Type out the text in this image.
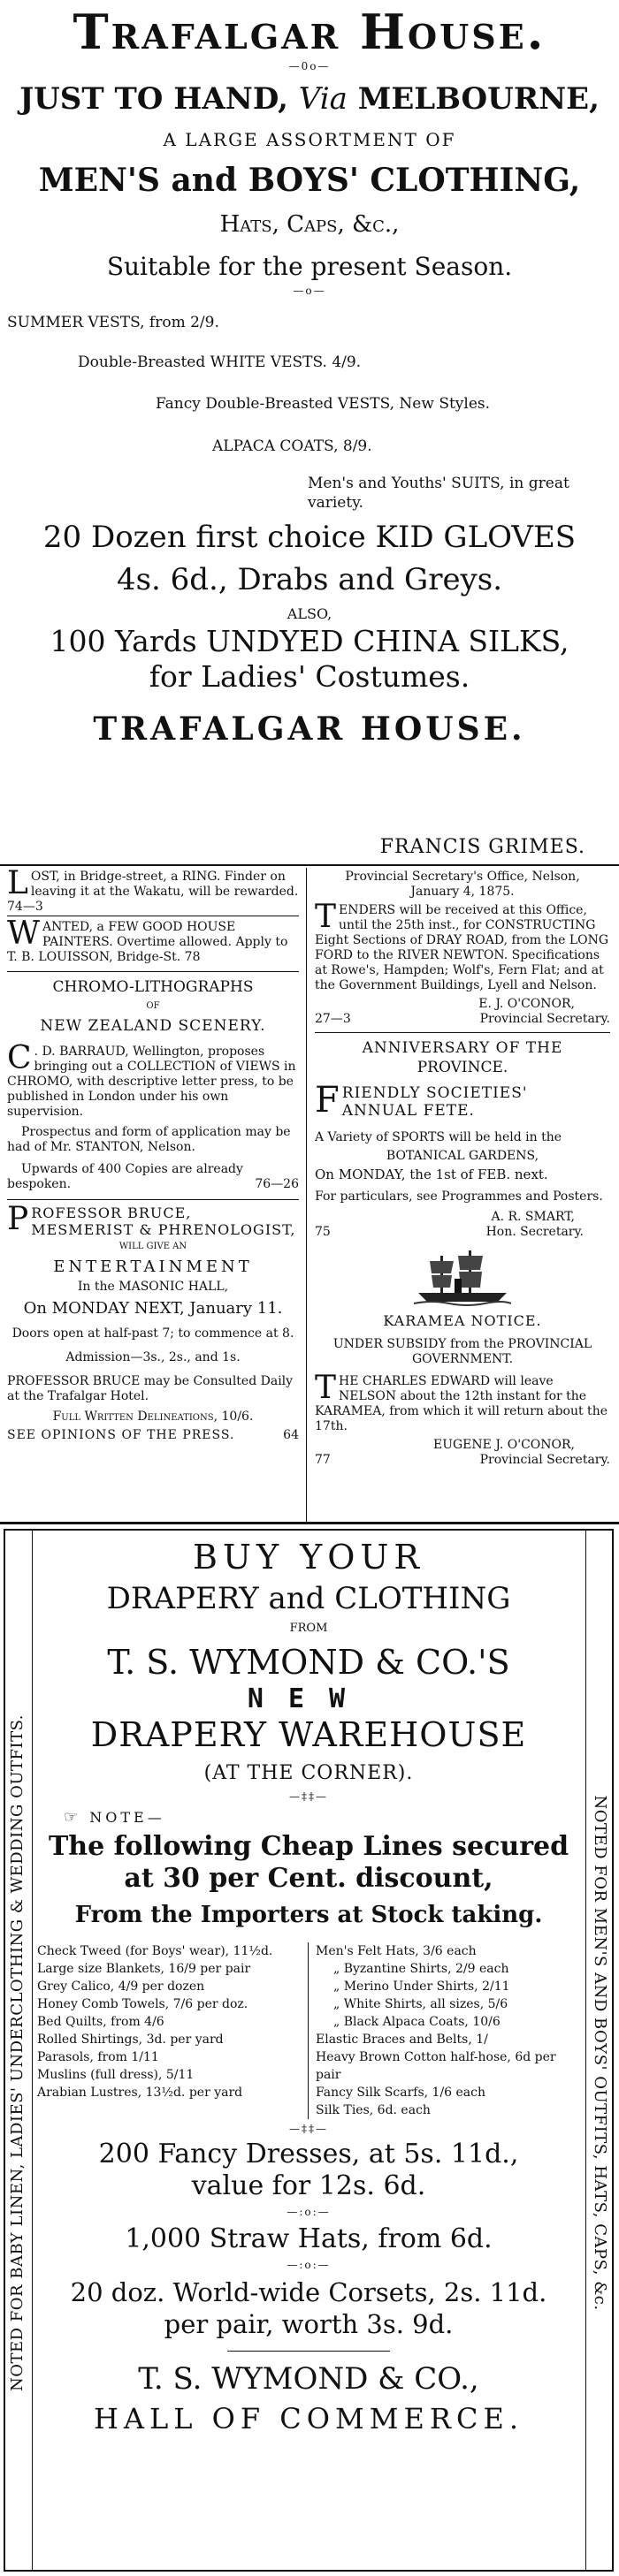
Trafalgar House.
—0o—
JUST TO HAND, Via MELBOURNE,
A LARGE ASSORTMENT OF
MEN'S and BOYS' CLOTHING,
Hats, Caps, &c.,
Suitable for the present Season.
—o—
SUMMER VESTS, from 2/9.
Double-Breasted WHITE VESTS. 4/9.
Fancy Double-Breasted VESTS, New Styles.
ALPACA COATS, 8/9.
Men's and Youths' SUITS, in great variety.
20 Dozen first choice KID GLOVES
4s. 6d., Drabs and Greys.
ALSO,
100 Yards UNDYED CHINA SILKS,
for Ladies' Costumes.
TRAFALGAR HOUSE.
FRANCIS GRIMES.

LOST, in Bridge-street, a RING. Finder on leaving it at the Wakatu, will be rewarded. 74—3

WANTED, a FEW GOOD HOUSE PAINTERS. Overtime allowed. Apply to T. B. LOUISSON, Bridge-St. 78

CHROMO-LITHOGRAPHS

OF

NEW ZEALAND SCENERY.

C . D. BARRAUD, Wellington, proposes bringing out a COLLECTION of VIEWS in CHROMO, with descriptive letter press, to be published in London under his own supervision.

Prospectus and form of application may be had of Mr. STANTON, Nelson.

Upwards of 400 Copies are already bespoken.	76—26

PROFESSOR BRUCE, MESMERIST & PHRENOLOGIST,

WILL GIVE AN

ENTERTAINMENT

In the MASONIC HALL,

On MONDAY NEXT, January 11.

Doors open at half-past 7; to commence at 8.

Admission—3s., 2s., and 1s.

PROFESSOR BRUCE may be Consulted Daily at the Trafalgar Hotel.

Full Written Delineations, 10/6.

SEE OPINIONS OF THE PRESS.	64

Provincial Secretary's Office, Nelson,

January 4, 1875.

TENDERS will be received at this Office, until the 25th inst., for CONSTRUCTING Eight Sections of DRAY ROAD, from the LONG FORD to the RIVER NEWTON. Specifications at Rowe's, Hampden; Wolf's, Fern Flat; and at the Government Buildings, Lyell and Nelson.

E. J. O'CONOR,

27—3	Provincial Secretary.

ANNIVERSARY OF THE

PROVINCE.

FRIENDLY SOCIETIES'
ANNUAL FETE.

A Variety of SPORTS will be held in the

BOTANICAL GARDENS,

On MONDAY, the 1st of FEB. next.

For particulars, see Programmes and Posters.

A. R. SMART,

75	Hon. Secretary.

KARAMEA NOTICE.

UNDER SUBSIDY from the PROVINCIAL GOVERNMENT.

THE CHARLES EDWARD will leave NELSON about the 12th instant for the KARAMEA, from which it will return about the 17th.

EUGENE J. O'CONOR,

77	Provincial Secretary.

NOTED FOR BABY LINEN, LADIES' UNDERCLOTHING & WEDDING OUTFITS.	NOTED FOR MEN'S AND BOYS' OUTFITS, HATS, CAPS, &c.
BUY YOUR
DRAPERY and CLOTHING
FROM
T. S. WYMOND & CO.'S
NEW
DRAPERY WAREHOUSE
(AT THE CORNER).
—‡‡—
☞ NOTE—
The following Cheap Lines secured
at 30 per Cent. discount,
From the Importers at Stock taking.
Check Tweed (for Boys' wear), 11½d.
Large size Blankets, 16/9 per pair
Grey Calico, 4/9 per dozen
Honey Comb Towels, 7/6 per doz.
Bed Quilts, from 4/6
Rolled Shirtings, 3d. per yard
Parasols, from 1/11
Muslins (full dress), 5/11
Arabian Lustres, 13½d. per yard
Men's Felt Hats, 3/6 each
„ Byzantine Shirts, 2/9 each
„ Merino Under Shirts, 2/11
„ White Shirts, all sizes, 5/6
„ Black Alpaca Coats, 10/6
Elastic Braces and Belts, 1/
Heavy Brown Cotton half-hose, 6d per pair
Fancy Silk Scarfs, 1/6 each
Silk Ties, 6d. each
—‡‡—
200 Fancy Dresses, at 5s. 11d.,
value for 12s. 6d.
—:o:—
1,000 Straw Hats, from 6d.
—:o:—
20 doz. World-wide Corsets, 2s. 11d.
per pair, worth 3s. 9d.
T. S. WYMOND & CO.,
HALL OF COMMERCE.
